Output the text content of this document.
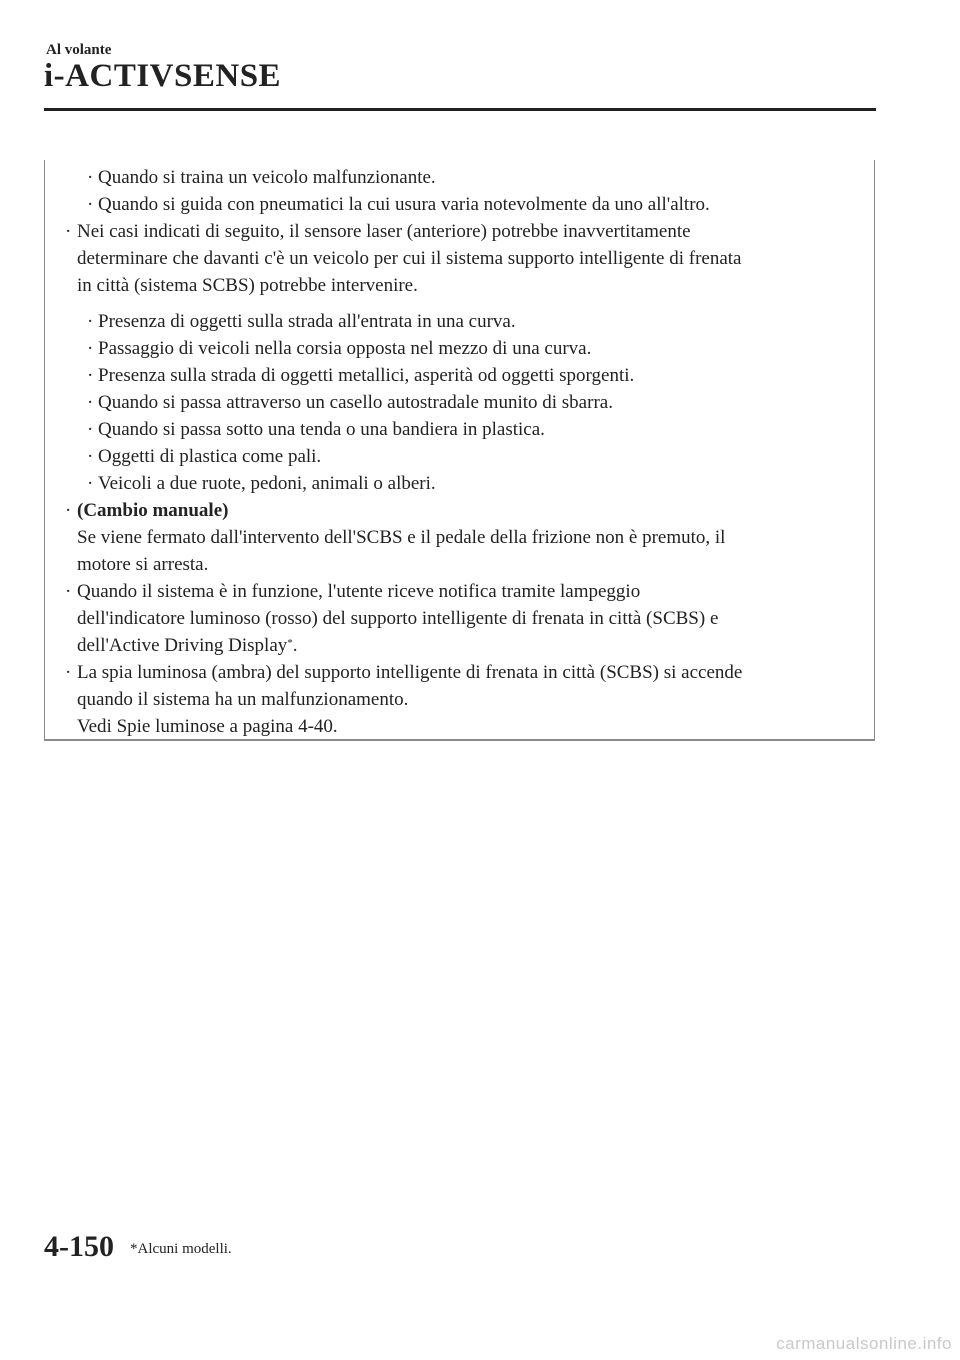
Al volante
i-ACTIVSENSE
· Quando si traina un veicolo malfunzionante.
· Quando si guida con pneumatici la cui usura varia notevolmente da uno all'altro.
· Nei casi indicati di seguito, il sensore laser (anteriore) potrebbe inavvertitamente
determinare che davanti c'è un veicolo per cui il sistema supporto intelligente di frenata
in città (sistema SCBS) potrebbe intervenire.
· Presenza di oggetti sulla strada all'entrata in una curva.
· Passaggio di veicoli nella corsia opposta nel mezzo di una curva.
· Presenza sulla strada di oggetti metallici, asperità od oggetti sporgenti.
· Quando si passa attraverso un casello autostradale munito di sbarra.
· Quando si passa sotto una tenda o una bandiera in plastica.
· Oggetti di plastica come pali.
· Veicoli a due ruote, pedoni, animali o alberi.
· (Cambio manuale)
Se viene fermato dall'intervento dell'SCBS e il pedale della frizione non è premuto, il
motore si arresta.
· Quando il sistema è in funzione, l'utente riceve notifica tramite lampeggio
dell'indicatore luminoso (rosso) del supporto intelligente di frenata in città (SCBS) e
dell'Active Driving Display*.
· La spia luminosa (ambra) del supporto intelligente di frenata in città (SCBS) si accende
quando il sistema ha un malfunzionamento.
Vedi Spie luminose a pagina 4-40.
4-150 *Alcuni modelli.
carmanualsonline.info
